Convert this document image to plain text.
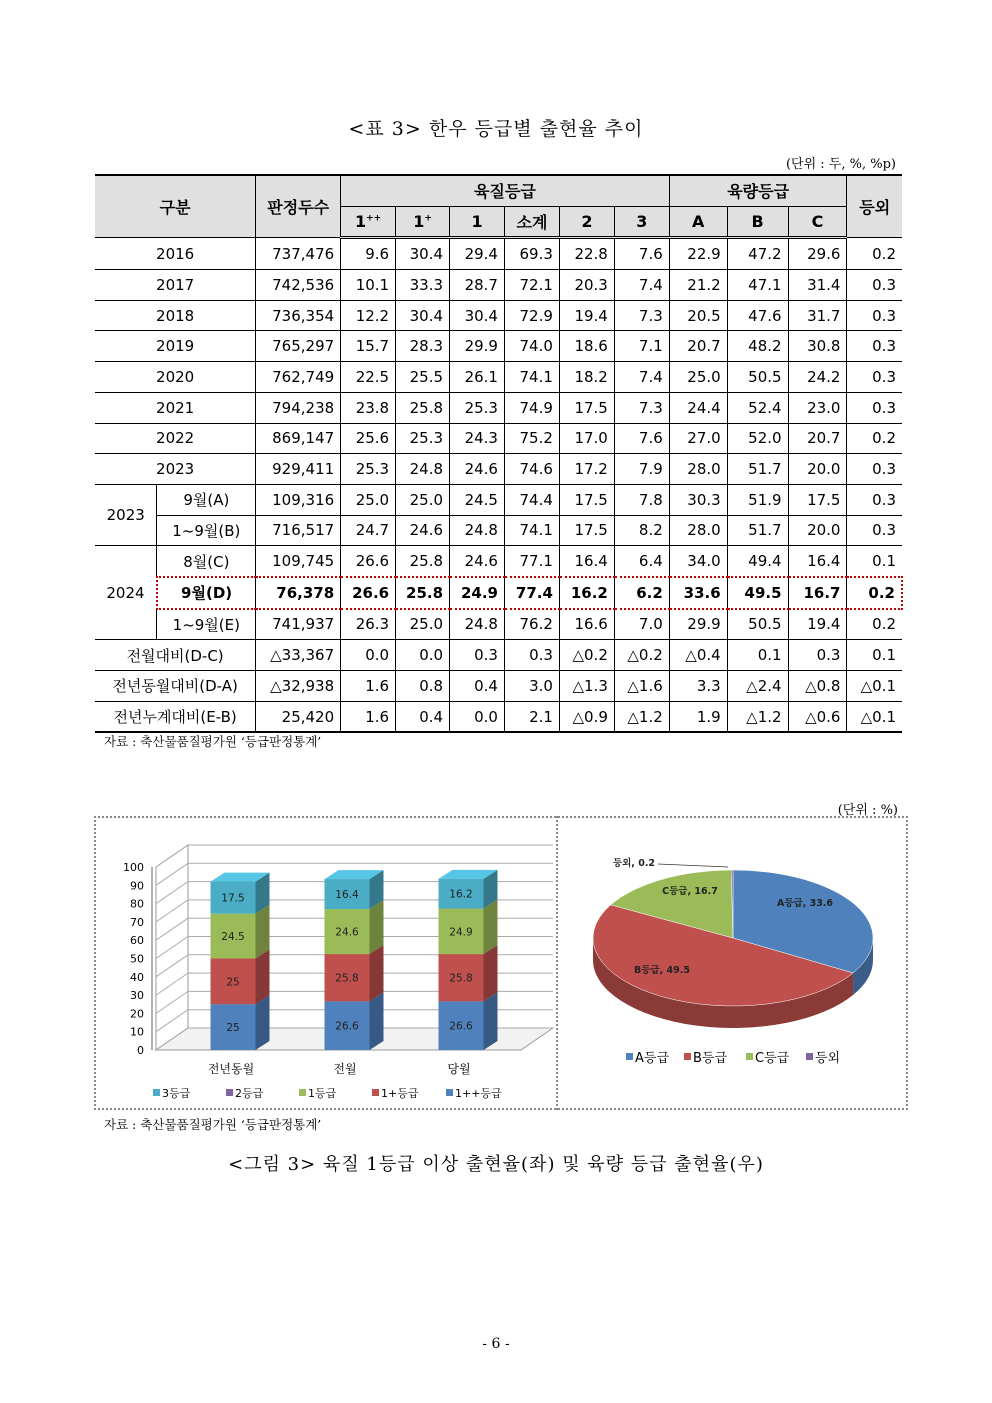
<표 3> 한우 등급별 출현율 추이
(단위 : 두, %, %p)
구분		판정두수	육질등급						육량등급			등외
			1++	1+	1	소계	2	3	A	B	C	
2016		737,476	9.6	30.4	29.4	69.3	22.8	7.6	22.9	47.2	29.6	0.2
2017		742,536	10.1	33.3	28.7	72.1	20.3	7.4	21.2	47.1	31.4	0.3
2018		736,354	12.2	30.4	30.4	72.9	19.4	7.3	20.5	47.6	31.7	0.3
2019		765,297	15.7	28.3	29.9	74.0	18.6	7.1	20.7	48.2	30.8	0.3
2020		762,749	22.5	25.5	26.1	74.1	18.2	7.4	25.0	50.5	24.2	0.3
2021		794,238	23.8	25.8	25.3	74.9	17.5	7.3	24.4	52.4	23.0	0.3
2022		869,147	25.6	25.3	24.3	75.2	17.0	7.6	27.0	52.0	20.7	0.2
2023		929,411	25.3	24.8	24.6	74.6	17.2	7.9	28.0	51.7	20.0	0.3
2023	9월(A)	109,316	25.0	25.0	24.5	74.4	17.5	7.8	30.3	51.9	17.5	0.3
	1~9월(B)	716,517	24.7	24.6	24.8	74.1	17.5	8.2	28.0	51.7	20.0	0.3
2024	8월(C)	109,745	26.6	25.8	24.6	77.1	16.4	6.4	34.0	49.4	16.4	0.1
	9월(D)	76,378	26.6	25.8	24.9	77.4	16.2	6.2	33.6	49.5	16.7	0.2
	1~9월(E)	741,937	26.3	25.0	24.8	76.2	16.6	7.0	29.9	50.5	19.4	0.2
전월대비(D-C)		△33,367	0.0	0.0	0.3	0.3	△0.2	△0.2	△0.4	0.1	0.3	0.1
전년동월대비(D-A)		△32,938	1.6	0.8	0.4	3.0	△1.3	△1.6	3.3	△2.4	△0.8	△0.1
전년누계대비(E-B)		25,420	1.6	0.4	0.0	2.1	△0.9	△1.2	1.9	△1.2	△0.6	△0.1
자료 : 축산물품질평가원 ‘등급판정통계’
(단위 : %)
0
10
20
30
40
50
60
70
80
90
100
25
25
24.5
17.5
전년동월
26.6
25.8
24.6
16.4
전월
26.6
25.8
24.9
16.2
당월
3등급	2등급	1등급	1+등급	1++등급
A등급, 33.6
B등급, 49.5
C등급, 16.7
등외, 0.2
A등급 B등급 C등급 등외
자료 : 축산물품질평가원 ‘등급판정통계’
<그림 3> 육질 1등급 이상 출현율(좌) 및 육량 등급 출현율(우)
- 6 -
